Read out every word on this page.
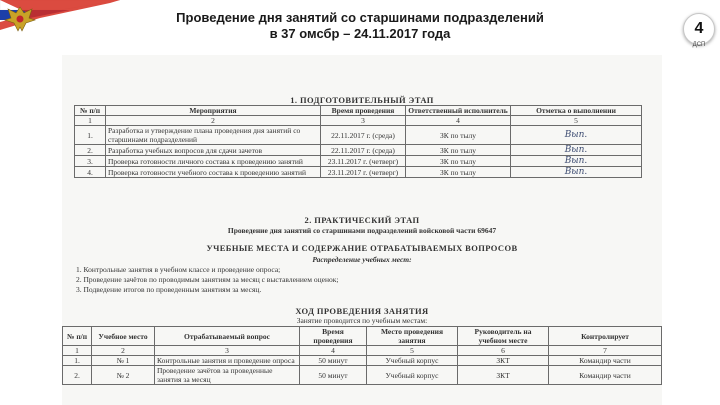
Проведение дня занятий со старшинами подразделений
в 37 омсбр – 24.11.2017 года	4
ДСП
1. ПОДГОТОВИТЕЛЬНЫЙ ЭТАП
№ п/п	Мероприятия	Время проведения	Ответственный исполнитель	Отметка о выполнении
1	2	3	4	5
1.	Разработка и утверждение плана проведения дня занятий со старшинами подразделений	22.11.2017 г. (среда)	ЗК по тылу	Вып.
2.	Разработка учебных вопросов для сдачи зачетов	22.11.2017 г. (среда)	ЗК по тылу	Вып.
3.	Проверка готовности личного состава к проведению занятий	23.11.2017 г. (четверг)	ЗК по тылу	Вып.
4.	Проверка готовности учебного состава к проведению занятий	23.11.2017 г. (четверг)	ЗК по тылу	Вып.
2. ПРАКТИЧЕСКИЙ ЭТАП
Проведение дня занятий со старшинами подразделений войсковой части 69647
УЧЕБНЫЕ МЕСТА И СОДЕРЖАНИЕ ОТРАБАТЫВАЕМЫХ ВОПРОСОВ
Распределение учебных мест:
1. Контрольные занятия в учебном классе и проведение опроса;
2. Проведение зачётов по проводимым занятиям за месяц с выставлением оценок;
3. Подведение итогов по проведенным занятиям за месяц.
ХОД ПРОВЕДЕНИЯ ЗАНЯТИЯ
Занятие проводится по учебным местам:
№ п/п	Учебное место	Отрабатываемый вопрос	Время проведения	Место проведения занятия	Руководитель на учебном месте	Контролирует
1	2	3	4	5	6	7
1.	№ 1	Контрольные занятия и проведение опроса	50 минут	Учебный корпус	ЗКТ	Командир части
2.	№ 2	Проведение зачётов за проведенные занятия за месяц	50 минут	Учебный корпус	ЗКТ	Командир части
